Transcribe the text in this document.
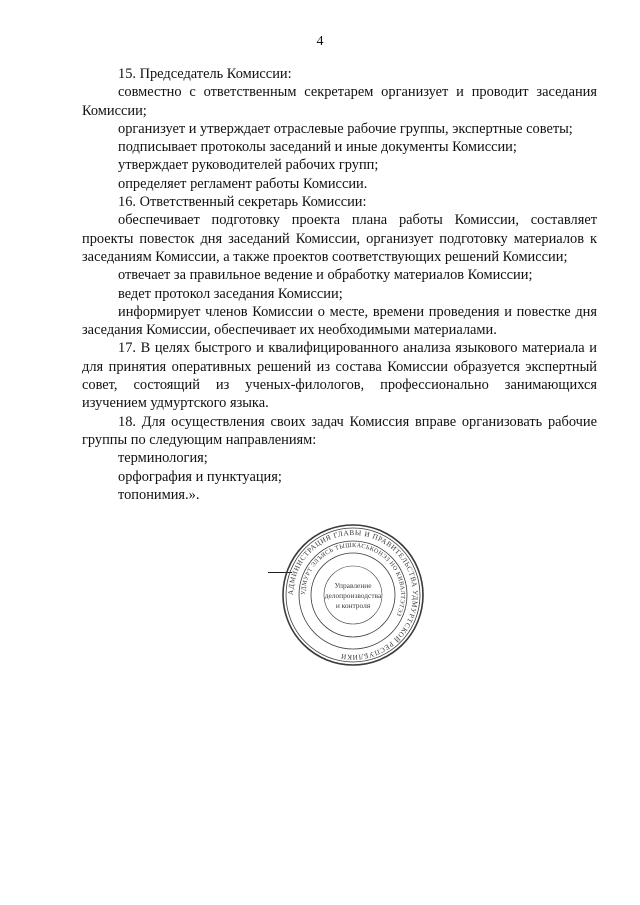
4

15. Председатель Комиссии:

совместно с ответственным секретарем организует и проводит заседания Комиссии;

организует и утверждает отраслевые рабочие группы, экспертные советы;

подписывает протоколы заседаний и иные документы Комиссии;

утверждает руководителей рабочих групп;

определяет регламент работы Комиссии.

16. Ответственный секретарь Комиссии:

обеспечивает подготовку проекта плана работы Комиссии, составляет проекты повесток дня заседаний Комиссии, организует подготовку материалов к заседаниям Комиссии, а также проектов соответствующих решений Комиссии;

отвечает за правильное ведение и обработку материалов Комиссии;

ведет протокол заседания Комиссии;

информирует членов Комиссии о месте, времени проведения и повестке дня заседания Комиссии, обеспечивает их необходимыми материалами.

17. В целях быстрого и квалифицированного анализа языкового материала и для принятия оперативных решений из состава Комиссии образуется экспертный совет, состоящий из ученых-филологов, профессионально занимающихся изучением удмуртского языка.

18. Для осуществления своих задач Комиссия вправе организовать рабочие группы по следующим направлениям:

терминология;

орфография и пунктуация;

топонимия.».

АДМИНИСТРАЦИЯ ГЛАВЫ И ПРАВИТЕЛЬСТВА УДМУРТСКОЙ РЕСПУБЛИКИ
УДМУРТ ЭЛЪЯСЬ ТЫШКАСЬКОНЭЗ НО КИВАЛТЭТЭЗ
Управление
делопроизводства
и контроля
